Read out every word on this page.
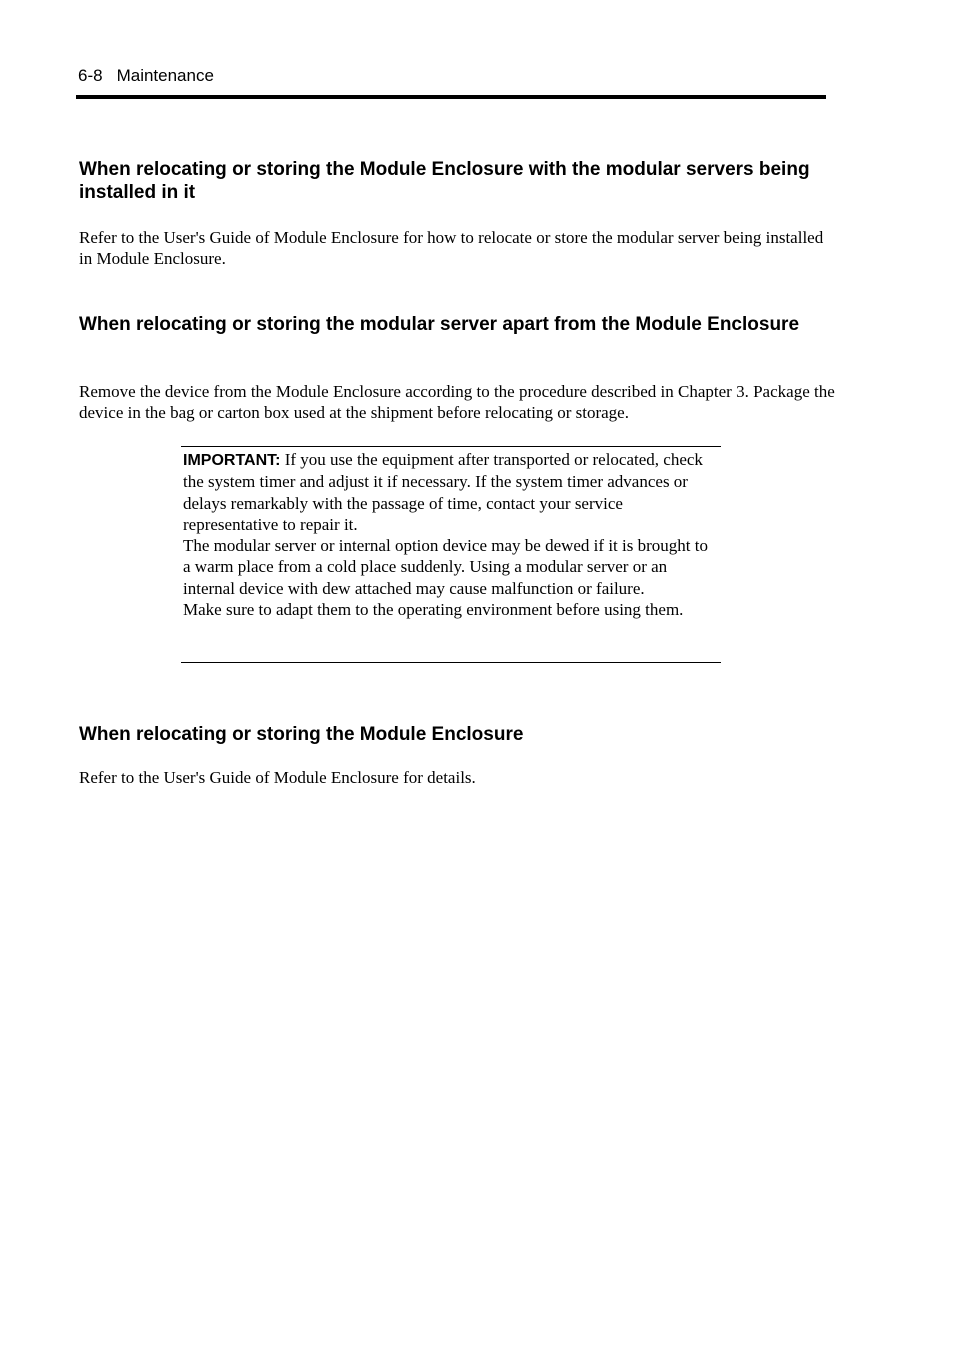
6-8 Maintenance
When relocating or storing the Module Enclosure with the modular servers being installed in it

Refer to the User's Guide of Module Enclosure for how to relocate or store the modular server being installed in Module Enclosure.

When relocating or storing the modular server apart from the Module Enclosure

Remove the device from the Module Enclosure according to the procedure described in Chapter 3. Package the device in the bag or carton box used at the shipment before relocating or storage.

IMPORTANT: If you use the equipment after transported or relocated, check the system timer and adjust it if necessary. If the system timer advances or delays remarkably with the passage of time, contact your service representative to repair it.

The modular server or internal option device may be dewed if it is brought to a warm place from a cold place suddenly. Using a modular server or an internal device with dew attached may cause malfunction or failure.

Make sure to adapt them to the operating environment before using them.

When relocating or storing the Module Enclosure

Refer to the User's Guide of Module Enclosure for details.
